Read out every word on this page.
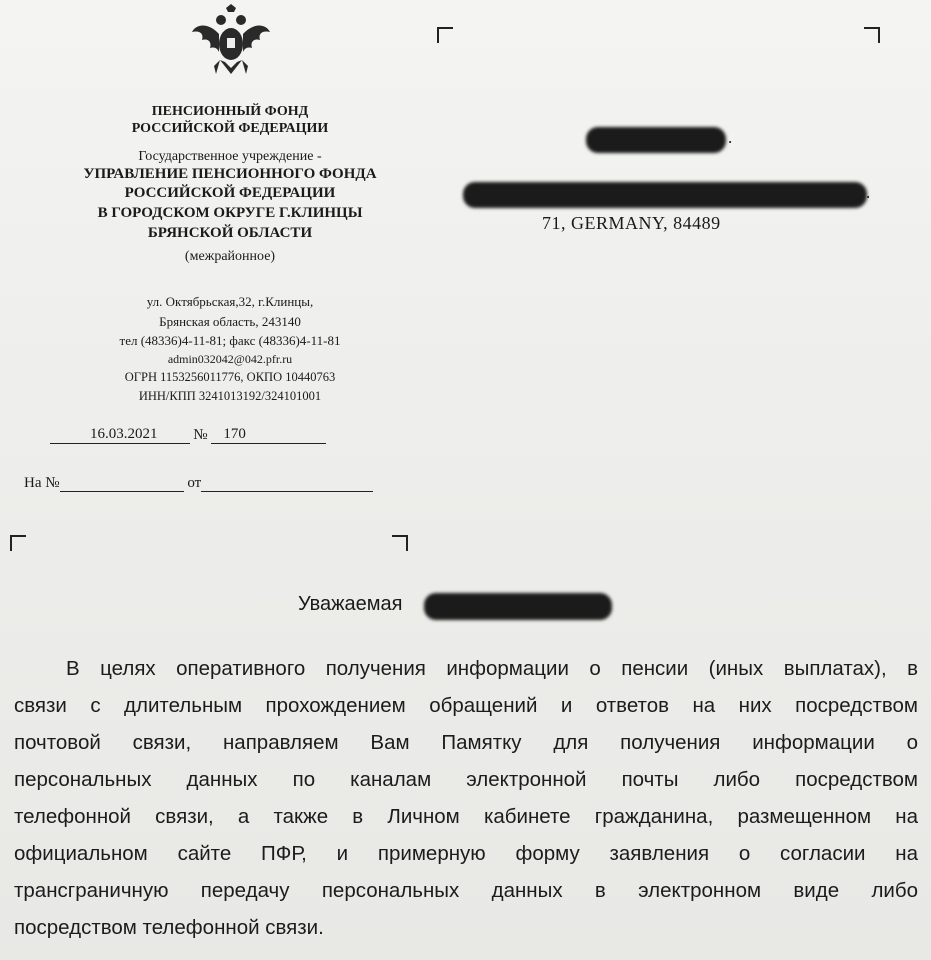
ПЕНСИОННЫЙ ФОНД
РОССИЙСКОЙ ФЕДЕРАЦИИ
Государственное учреждение -
УПРАВЛЕНИЕ ПЕНСИОННОГО ФОНДА
РОССИЙСКОЙ ФЕДЕРАЦИИ
В ГОРОДСКОМ ОКРУГЕ Г.КЛИНЦЫ
БРЯНСКОЙ ОБЛАСТИ
(межрайонное)
ул. Октябрьская,32, г.Клинцы,
Брянская область, 243140
тел (48336)4-11-81; факс (48336)4-11-81
admin032042@042.pfr.ru
ОГРН 1153256011776, ОКПО 10440763
ИНН/КПП 3241013192/324101001
16.03.2021 № 170
На №	от
.
.
71, GERMANY, 84489
Уважаемая
В целях оперативного получения информации о пенсии (иных выплатах), в
связи с длительным прохождением обращений и ответов на них посредством
почтовой связи, направляем Вам Памятку для получения информации о
персональных данных по каналам электронной почты либо посредством
телефонной связи, а также в Личном кабинете гражданина, размещенном на
официальном сайте ПФР, и примерную форму заявления о согласии на
трансграничную передачу персональных данных в электронном виде либо
посредством телефонной связи.
